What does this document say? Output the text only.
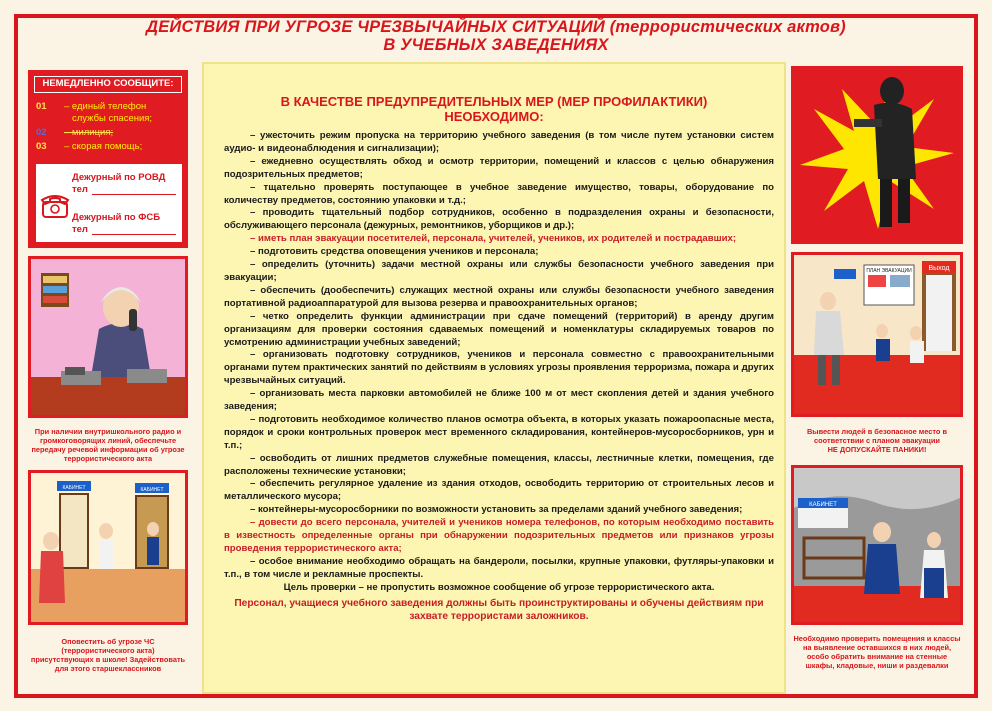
ДЕЙСТВИЯ ПРИ УГРОЗЕ ЧРЕЗВЫЧАЙНЫХ СИТУАЦИЙ (террористических актов)
В УЧЕБНЫХ ЗАВЕДЕНИЯХ
НЕМЕДЛЕННО СООБЩИТЕ:
01 – единый телефон
службы спасения;
02 – милиция;
03 – скорая помощь;
Дежурный по РОВД
тел
Дежурный по ФСБ
тел
При наличии внутришкольного радио и громкоговорящих линий, обеспечьте передачу речевой информации об угрозе террористического акта
КАБИНЕТ	КАБИНЕТ
Оповестить об угрозе ЧС (террористического акта) присутствующих в школе! Задействовать для этого старшеклассников
ПЛАН ЭВАКУАЦИИ Выход
Вывести людей в безопасное место в соответствии с планом эвакуации
НЕ ДОПУСКАЙТЕ ПАНИКИ!
КАБИНЕТ
Необходимо проверить помещения и классы на выявление оставшихся в них людей, особо обратить внимание на стенные шкафы, кладовые, ниши и раздевалки
В КАЧЕСТВЕ ПРЕДУПРЕДИТЕЛЬНЫХ МЕР (МЕР ПРОФИЛАКТИКИ)
НЕОБХОДИМО:

– ужесточить режим пропуска на территорию учебного заведения (в том числе путем установки систем аудио- и видеонаблюдения и сигнализации);

– ежедневно осуществлять обход и осмотр территории, помещений и классов с целью обнаружения подозрительных предметов;

– тщательно проверять поступающее в учебное заведение имущество, товары, оборудование по количеству предметов, состоянию упаковки и т.д.;

– проводить тщательный подбор сотрудников, особенно в подразделения охраны и безопасности, обслуживающего персонала (дежурных, ремонтников, уборщиков и др.);

– иметь план эвакуации посетителей, персонала, учителей, учеников, их родителей и пострадавших;

– подготовить средства оповещения учеников и персонала;

– определить (уточнить) задачи местной охраны или службы безопасности учебного заведения при эвакуации;

– обеспечить (дообеспечить) служащих местной охраны или службы безопасности учебного заведения портативной радиоаппаратурой для вызова резерва и правоохранительных органов;

– четко определить функции администрации при сдаче помещений (территорий) в аренду другим организациям для проверки состояния сдаваемых помещений и номенклатуры складируемых товаров по усмотрению администрации учебных заведений;

– организовать подготовку сотрудников, учеников и персонала совместно с правоохранительными органами путем практических занятий по действиям в условиях угрозы проявления терроризма, пожара и других чрезвычайных ситуаций.

– организовать места парковки автомобилей не ближе 100 м от мест скопления детей и здания учебного заведения;

– подготовить необходимое количество планов осмотра объекта, в которых указать пожароопасные места, порядок и сроки контрольных проверок мест временного складирования, контейнеров-мусоросборников, урн и т.п.;

– освободить от лишних предметов служебные помещения, классы, лестничные клетки, помещения, где расположены технические установки;

– обеспечить регулярное удаление из здания отходов, освободить территорию от строительных лесов и металлического мусора;

– контейнеры-мусоросборники по возможности установить за пределами зданий учебного заведения;

– довести до всего персонала, учителей и учеников номера телефонов, по которым необходимо поставить в известность определенные органы при обнаружении подозрительных предметов или признаков угрозы проведения террористического акта;

– особое внимание необходимо обращать на бандероли, посылки, крупные упаковки, футляры-упаковки и т.п., в том числе и рекламные проспекты.

Цель проверки – не пропустить возможное сообщение об угрозе террористического акта.

Персонал, учащиеся учебного заведения должны быть проинструктированы и обучены действиям при захвате террористами заложников.
